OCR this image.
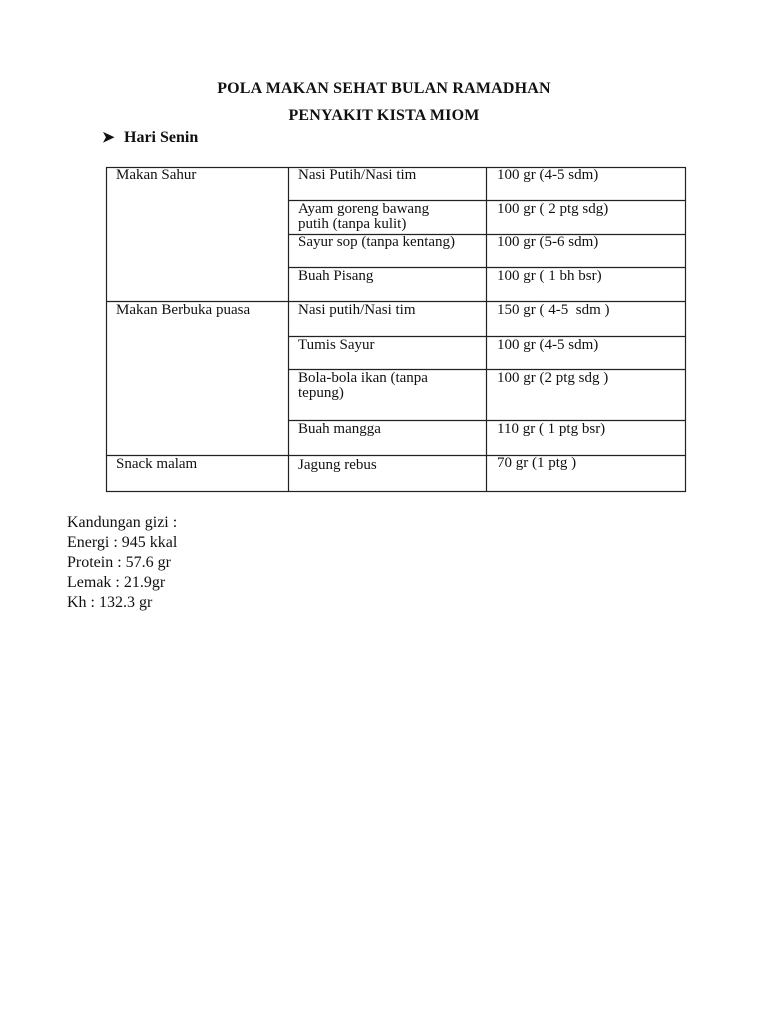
POLA MAKAN SEHAT BULAN RAMADHAN
PENYAKIT KISTA MIOM
➤ Hari Senin
Makan Sahur
Makan Berbuka puasa
Snack malam
Nasi Putih/Nasi tim
Ayam goreng bawang
putih (tanpa kulit)
Sayur sop (tanpa kentang)
Buah Pisang
Nasi putih/Nasi tim
Tumis Sayur
Bola-bola ikan (tanpa
tepung)
Buah mangga
Jagung rebus
100 gr (4-5 sdm)
100 gr ( 2 ptg sdg)
100 gr (5-6 sdm)
100 gr ( 1 bh bsr)
150 gr ( 4-5  sdm )
100 gr (4-5 sdm)
100 gr (2 ptg sdg )
110 gr ( 1 ptg bsr)
70 gr (1 ptg )
Kandungan gizi :
Energi : 945 kkal
Protein : 57.6 gr
Lemak : 21.9gr
Kh : 132.3 gr
